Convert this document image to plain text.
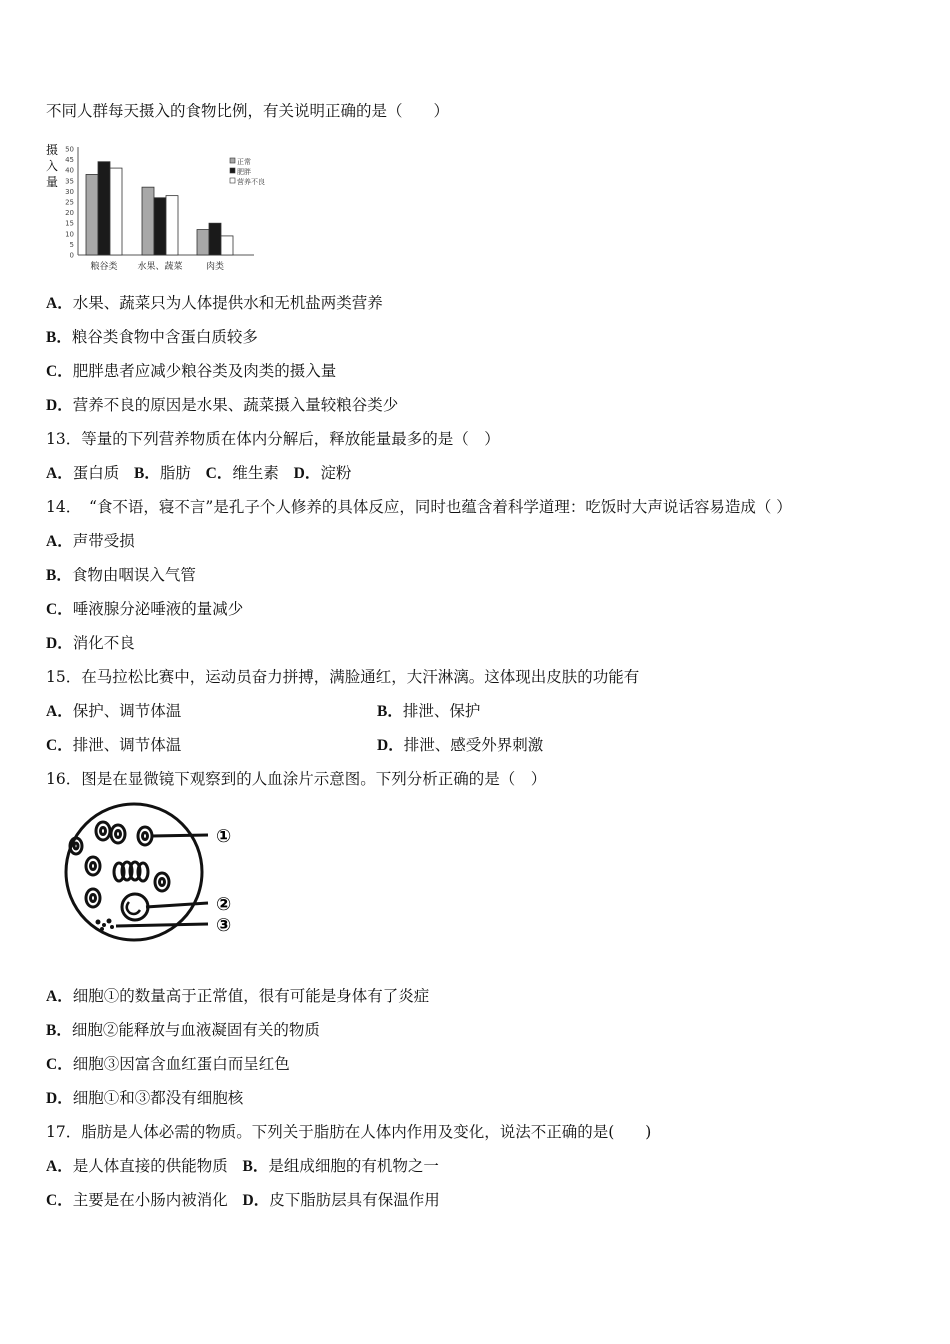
不同人群每天摄入的食物比例，有关说明正确的是（　　）
摄
入
量
0
5
10
15
20
25
30
35
40
45
50
粮谷类 水果、蔬菜	肉类
正常
肥胖
营养不良
A．水果、蔬菜只为人体提供水和无机盐两类营养
B．粮谷类食物中含蛋白质较多
C．肥胖患者应减少粮谷类及肉类的摄入量
D．营养不良的原因是水果、蔬菜摄入量较粮谷类少
13．等量的下列营养物质在体内分解后，释放能量最多的是（　）
A．蛋白质 B．脂肪 C．维生素 D．淀粉
14．　“食不语，寝不言”是孔子个人修养的具体反应，同时也蕴含着科学道理：吃饭时大声说话容易造成（ ）
A．声带受损
B．食物由咽误入气管
C．唾液腺分泌唾液的量减少
D．消化不良
15．在马拉松比赛中，运动员奋力拼搏，满脸通红，大汗淋漓。这体现出皮肤的功能有
A．保护、调节体温	B．排泄、保护
C．排泄、调节体温	D．排泄、感受外界刺激
16．图是在显微镜下观察到的人血涂片示意图。下列分析正确的是（　）
①
②
③
A．细胞①的数量高于正常值，很有可能是身体有了炎症
B．细胞②能释放与血液凝固有关的物质
C．细胞③因富含血红蛋白而呈红色
D．细胞①和③都没有细胞核
17．脂肪是人体必需的物质。下列关于脂肪在人体内作用及变化，说法不正确的是(　　)
A．是人体直接的供能物质 B．是组成细胞的有机物之一
C．主要是在小肠内被消化 D．皮下脂肪层具有保温作用
